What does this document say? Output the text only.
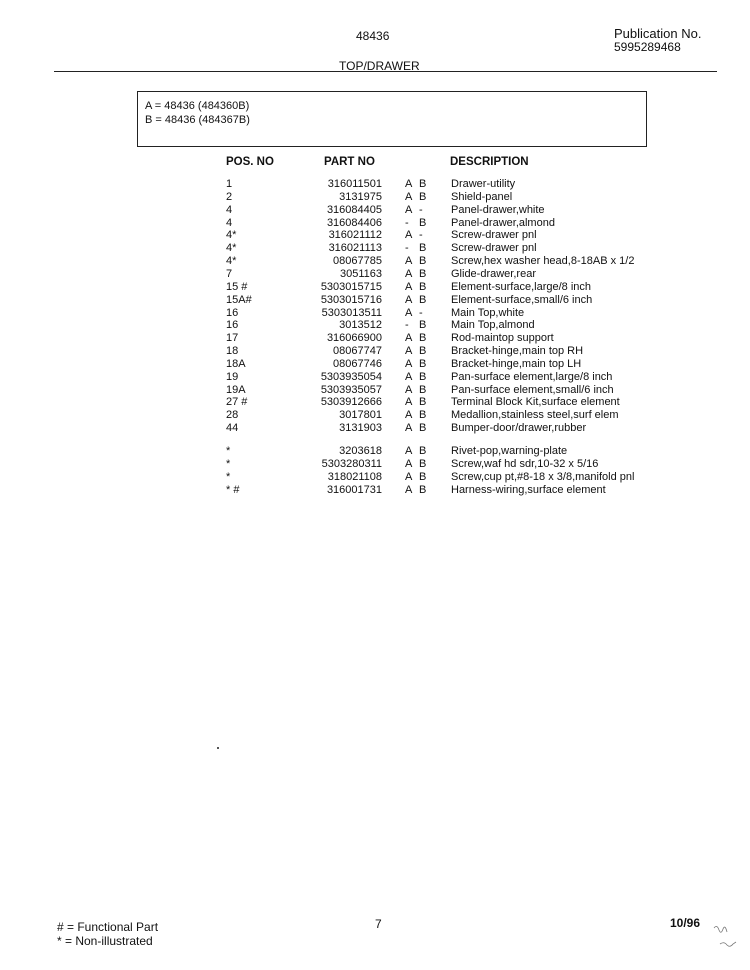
48436	Publication No.
5995289468
TOP/DRAWER
A = 48436 (484360B)
B = 48436 (484367B)
POS. NO	PART NO	DESCRIPTION
1	316011501 A B Drawer-utility
2	3131975 A B Shield-panel
4	316084405 A -	Panel-drawer,white
4	316084406 - B Panel-drawer,almond
4*	316021112 A -	Screw-drawer pnl
4*	316021113 - B Screw-drawer pnl
4*	08067785 A B Screw,hex washer head,8-18AB x 1/2
7	3051163 A B Glide-drawer,rear
15 #	5303015715 A B Element-surface,large/8 inch
15A#	5303015716 A B Element-surface,small/6 inch
16	5303013511 A -	Main Top,white
16	3013512 - B Main Top,almond
17	316066900 A B Rod-maintop support
18	08067747 A B Bracket-hinge,main top RH
18A	08067746 A B Bracket-hinge,main top LH
19	5303935054 A B Pan-surface element,large/8 inch
19A	5303935057 A B Pan-surface element,small/6 inch
27 #	5303912666 A B Terminal Block Kit,surface element
28	3017801 A B Medallion,stainless steel,surf elem
44	3131903 A B Bumper-door/drawer,rubber
*	3203618 A B Rivet-pop,warning-plate
*	5303280311 A B Screw,waf hd sdr,10-32 x 5/16
*	318021108 A B Screw,cup pt,#8-18 x 3/8,manifold pnl
* #	316001731 A B Harness-wiring,surface element
# = Functional Part
* = Non-illustrated
7	10/96
